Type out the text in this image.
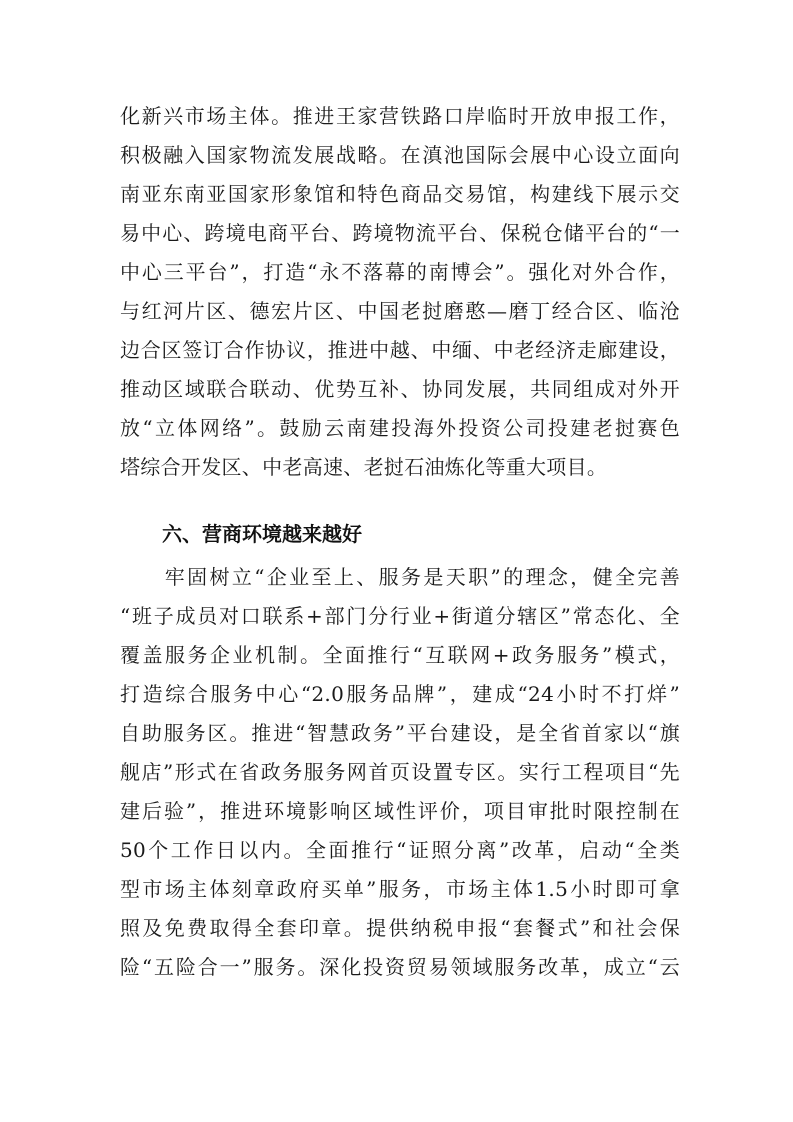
化新兴市场主体。推进王家营铁路口岸临时开放申报工作，
积极融入国家物流发展战略。在滇池国际会展中心设立面向
南亚东南亚国家形象馆和特色商品交易馆，构建线下展示交
易中心、跨境电商平台、跨境物流平台、保税仓储平台的“一
中心三平台”，打造“永不落幕的南博会”。强化对外合作，
与红河片区、德宏片区、中国老挝磨憨—磨丁经合区、临沧
边合区签订合作协议，推进中越、中缅、中老经济走廊建设，
推动区域联合联动、优势互补、协同发展，共同组成对外开
放“立体网络”。鼓励云南建投海外投资公司投建老挝赛色
塔综合开发区、中老高速、老挝石油炼化等重大项目。
六、营商环境越来越好
　　牢固树立“企业至上、服务是天职”的理念，健全完善
“班子成员对口联系+部门分行业+街道分辖区”常态化、全
覆盖服务企业机制。全面推行“互联网+政务服务”模式，
打造综合服务中心“2.0服务品牌”，建成“24小时不打烊”
自助服务区。推进“智慧政务”平台建设，是全省首家以“旗
舰店”形式在省政务服务网首页设置专区。实行工程项目“先
建后验”，推进环境影响区域性评价，项目审批时限控制在
50个工作日以内。全面推行“证照分离”改革，启动“全类
型市场主体刻章政府买单”服务，市场主体1.5小时即可拿
照及免费取得全套印章。提供纳税申报“套餐式”和社会保
险“五险合一”服务。深化投资贸易领域服务改革，成立“云
